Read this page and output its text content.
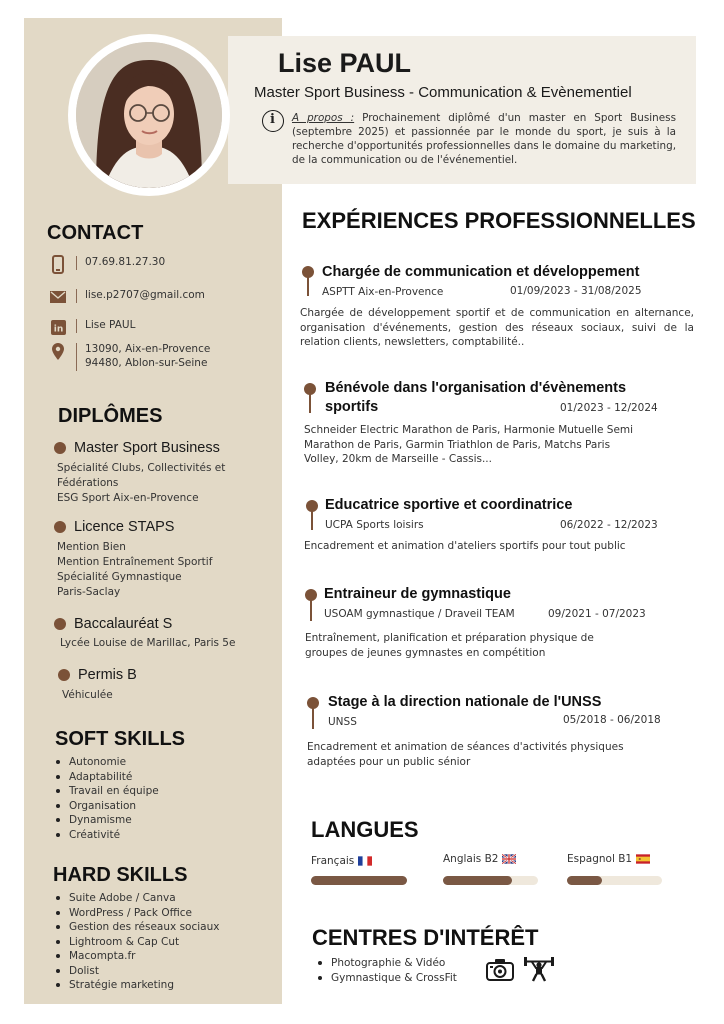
Lise PAUL
Master Sport Business - Communication & Evènementiel
i
A propos : Prochainement diplômé d'un master en Sport Business (septembre 2025) et passionnée par le monde du sport, je suis à la recherche d'opportunités professionnelles dans le domaine du marketing, de la communication ou de l'événementiel.
CONTACT
07.69.81.27.30
lise.p2707@gmail.com
in Lise PAUL
13090, Aix-en-Provence
94480, Ablon-sur-Seine
DIPLÔMES
Master Sport Business
Spécialité Clubs, Collectivités et
Fédérations
ESG Sport Aix-en-Provence
Licence STAPS
Mention Bien
Mention Entraînement Sportif
Spécialité Gymnastique
Paris-Saclay
Baccalauréat S
Lycée Louise de Marillac, Paris 5e
Permis B
Véhiculée
SOFT SKILLS
Autonomie
Adaptabilité
Travail en équipe
Organisation
Dynamisme
Créativité
HARD SKILLS
Suite Adobe / Canva
WordPress / Pack Office
Gestion des réseaux sociaux
Lightroom & Cap Cut
Macompta.fr
Dolist
Stratégie marketing
EXPÉRIENCES PROFESSIONNELLES
Chargée de communication et développement
ASPTT Aix-en-Provence	01/09/2023 - 31/08/2025
Chargée de développement sportif et de communication en alternance, organisation d'événements, gestion des réseaux sociaux, suivi de la relation clients, newsletters, comptabilité..
Bénévole dans l'organisation d'évènements
sportifs	01/2023 - 12/2024
Schneider Electric Marathon de Paris, Harmonie Mutuelle Semi
Marathon de Paris, Garmin Triathlon de Paris, Matchs Paris
Volley, 20km de Marseille - Cassis...
Educatrice sportive et coordinatrice
UCPA Sports loisirs	06/2022 - 12/2023
Encadrement et animation d'ateliers sportifs pour tout public
Entraineur de gymnastique
USOAM gymnastique / Draveil TEAM	09/2021 - 07/2023
Entraînement, planification et préparation physique de
groupes de jeunes gymnastes en compétition
Stage à la direction nationale de l'UNSS
UNSS	05/2018 - 06/2018
Encadrement et animation de séances d'activités physiques
adaptées pour un public sénior
LANGUES
Français	Anglais B2	Espagnol B1
CENTRES D'INTÉRÊT
Photographie & Vidéo
Gymnastique & CrossFit
